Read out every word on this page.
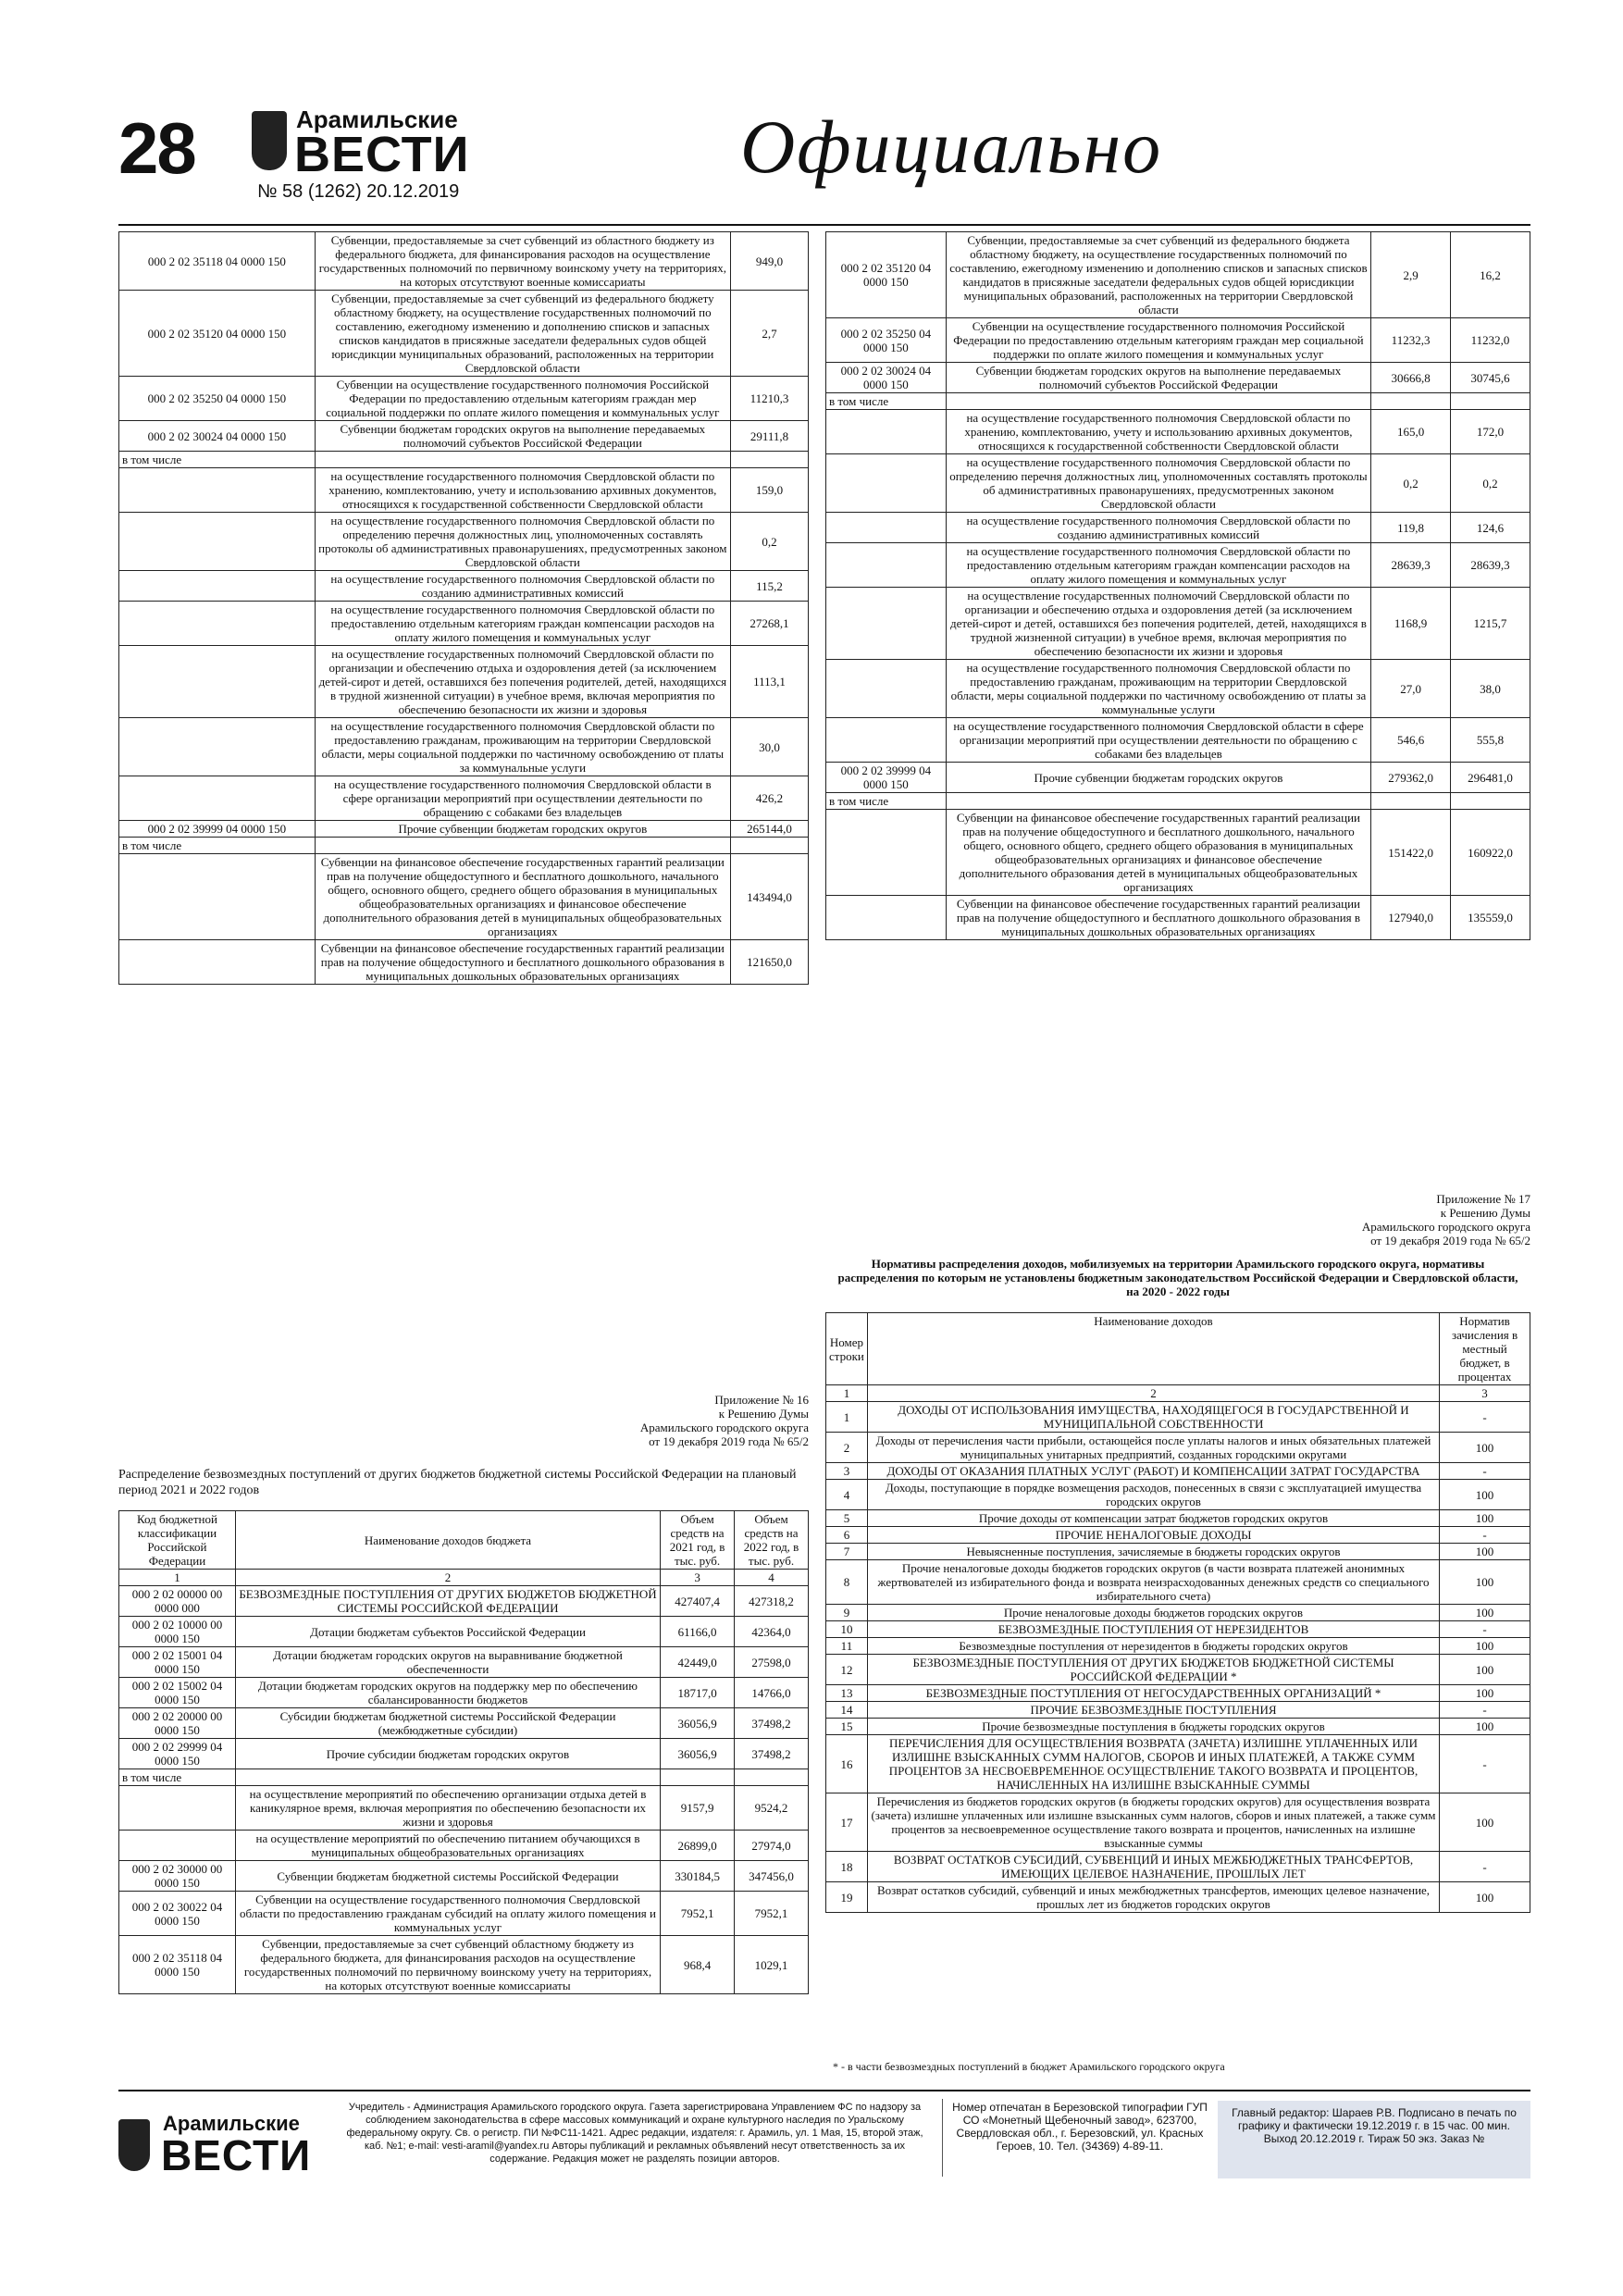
28	Арамильские
ВЕСТИ
№ 58 (1262) 20.12.2019
Официально
000 2 02 35118 04 0000 150	Субвенции, предоставляемые за счет субвенций из областного бюджету из федерального бюджета, для финансирования расходов на осуществление государственных полномочий по первичному воинскому учету на территориях, на которых отсутствуют военные комиссариаты	949,0
000 2 02 35120 04 0000 150	Субвенции, предоставляемые за счет субвенций из федерального бюджету областному бюджету, на осуществление государственных полномочий по составлению, ежегодному изменению и дополнению списков и запасных списков кандидатов в присяжные заседатели федеральных судов общей юрисдикции муниципальных образований, расположенных на территории Свердловской области	2,7
000 2 02 35250 04 0000 150	Субвенции на осуществление государственного полномочия Российской Федерации по предоставлению отдельным категориям граждан мер социальной поддержки по оплате жилого помещения и коммунальных услуг	11210,3
000 2 02 30024 04 0000 150	Субвенции бюджетам городских округов на выполнение передаваемых полномочий субъектов Российской Федерации	29111,8
в том числе		
	на осуществление государственного полномочия Свердловской области по хранению, комплектованию, учету и использованию архивных документов, относящихся к государственной собственности Свердловской области	159,0
	на осуществление государственного полномочия Свердловской области по определению перечня должностных лиц, уполномоченных составлять протоколы об административных правонарушениях, предусмотренных законом Свердловской области	0,2
	на осуществление государственного полномочия Свердловской области по созданию административных комиссий	115,2
	на осуществление государственного полномочия Свердловской области по предоставлению отдельным категориям граждан компенсации расходов на оплату жилого помещения и коммунальных услуг	27268,1
	на осуществление государственных полномочий Свердловской области по организации и обеспечению отдыха и оздоровления детей (за исключением детей-сирот и детей, оставшихся без попечения родителей, детей, находящихся в трудной жизненной ситуации) в учебное время, включая мероприятия по обеспечению безопасности их жизни и здоровья	1113,1
	на осуществление государственного полномочия Свердловской области по предоставлению гражданам, проживающим на территории Свердловской области, меры социальной поддержки по частичному освобождению от платы за коммунальные услуги	30,0
	на осуществление государственного полномочия Свердловской области в сфере организации мероприятий при осуществлении деятельности по обращению с собаками без владельцев	426,2
000 2 02 39999 04 0000 150	Прочие субвенции бюджетам городских округов	265144,0
в том числе		
	Субвенции на финансовое обеспечение государственных гарантий реализации прав на получение общедоступного и бесплатного дошкольного, начального общего, основного общего, среднего общего образования в муниципальных общеобразовательных организациях и финансовое обеспечение дополнительного образования детей в муниципальных общеобразовательных организациях	143494,0
	Субвенции на финансовое обеспечение государственных гарантий реализации прав на получение общедоступного и бесплатного дошкольного образования в муниципальных дошкольных образовательных организациях	121650,0
Приложение № 16
к Решению Думы
Арамильского городского округа
от 19 декабря 2019 года № 65/2
Распределение безвозмездных поступлений от других бюджетов бюджетной системы Российской Федерации на плановый период 2021 и 2022 годов
Код бюджетной классификации Российской Федерации	Наименование доходов бюджета	Объем средств на 2021 год, в тыс. руб.	Объем средств на 2022 год, в тыс. руб.
1	2	3	4
000 2 02 00000 00 0000 000	БЕЗВОЗМЕЗДНЫЕ ПОСТУПЛЕНИЯ ОТ ДРУГИХ БЮДЖЕТОВ БЮДЖЕТНОЙ СИСТЕМЫ РОССИЙСКОЙ ФЕДЕРАЦИИ	427407,4	427318,2
000 2 02 10000 00 0000 150	Дотации бюджетам субъектов Российской Федерации	61166,0	42364,0
000 2 02 15001 04 0000 150	Дотации бюджетам городских округов на выравнивание бюджетной обеспеченности	42449,0	27598,0
000 2 02 15002 04 0000 150	Дотации бюджетам городских округов на поддержку мер по обеспечению сбалансированности бюджетов	18717,0	14766,0
000 2 02 20000 00 0000 150	Субсидии бюджетам бюджетной системы Российской Федерации (межбюджетные субсидии)	36056,9	37498,2
000 2 02 29999 04 0000 150	Прочие субсидии бюджетам городских округов	36056,9	37498,2
в том числе			
	на осуществление мероприятий по обеспечению организации отдыха детей в каникулярное время, включая мероприятия по обеспечению безопасности их жизни и здоровья	9157,9	9524,2
	на осуществление мероприятий по обеспечению питанием обучающихся в муниципальных общеобразовательных организациях	26899,0	27974,0
000 2 02 30000 00 0000 150	Субвенции бюджетам бюджетной системы Российской Федерации	330184,5	347456,0
000 2 02 30022 04 0000 150	Субвенции на осуществление государственного полномочия Свердловской области по предоставлению гражданам субсидий на оплату жилого помещения и коммунальных услуг	7952,1	7952,1
000 2 02 35118 04 0000 150	Субвенции, предоставляемые за счет субвенций областному бюджету из федерального бюджета, для финансирования расходов на осуществление государственных полномочий по первичному воинскому учету на территориях, на которых отсутствуют военные комиссариаты	968,4	1029,1
000 2 02 35120 04 0000 150	Субвенции, предоставляемые за счет субвенций из федерального бюджета областному бюджету, на осуществление государственных полномочий по составлению, ежегодному изменению и дополнению списков и запасных списков кандидатов в присяжные заседатели федеральных судов общей юрисдикции муниципальных образований, расположенных на территории Свердловской области	2,9	16,2
000 2 02 35250 04 0000 150	Субвенции на осуществление государственного полномочия Российской Федерации по предоставлению отдельным категориям граждан мер социальной поддержки по оплате жилого помещения и коммунальных услуг	11232,3	11232,0
000 2 02 30024 04 0000 150	Субвенции бюджетам городских округов на выполнение передаваемых полномочий субъектов Российской Федерации	30666,8	30745,6
в том числе			
	на осуществление государственного полномочия Свердловской области по хранению, комплектованию, учету и использованию архивных документов, относящихся к государственной собственности Свердловской области	165,0	172,0
	на осуществление государственного полномочия Свердловской области по определению перечня должностных лиц, уполномоченных составлять протоколы об административных правонарушениях, предусмотренных законом Свердловской области	0,2	0,2
	на осуществление государственного полномочия Свердловской области по созданию административных комиссий	119,8	124,6
	на осуществление государственного полномочия Свердловской области по предоставлению отдельным категориям граждан компенсации расходов на оплату жилого помещения и коммунальных услуг	28639,3	28639,3
	на осуществление государственных полномочий Свердловской области по организации и обеспечению отдыха и оздоровления детей (за исключением детей-сирот и детей, оставшихся без попечения родителей, детей, находящихся в трудной жизненной ситуации) в учебное время, включая мероприятия по обеспечению безопасности их жизни и здоровья	1168,9	1215,7
	на осуществление государственного полномочия Свердловской области по предоставлению гражданам, проживающим на территории Свердловской области, меры социальной поддержки по частичному освобождению от платы за коммунальные услуги	27,0	38,0
	на осуществление государственного полномочия Свердловской области в сфере организации мероприятий при осуществлении деятельности по обращению с собаками без владельцев	546,6	555,8
000 2 02 39999 04 0000 150	Прочие субвенции бюджетам городских округов	279362,0	296481,0
в том числе			
	Субвенции на финансовое обеспечение государственных гарантий реализации прав на получение общедоступного и бесплатного дошкольного, начального общего, основного общего, среднего общего образования в муниципальных общеобразовательных организациях и финансовое обеспечение дополнительного образования детей в муниципальных общеобразовательных организациях	151422,0	160922,0
	Субвенции на финансовое обеспечение государственных гарантий реализации прав на получение общедоступного и бесплатного дошкольного образования в муниципальных дошкольных образовательных организациях	127940,0	135559,0
Приложение № 17
к Решению Думы
Арамильского городского округа
от 19 декабря 2019 года № 65/2
Нормативы распределения доходов, мобилизуемых на территории Арамильского городского округа, нормативы распределения по которым не установлены бюджетным законодательством Российской Федерации и Свердловской области, на 2020 - 2022 годы
Номер строки	Наименование доходов	Норматив зачисления в местный бюджет, в процентах
1	2	3
1	ДОХОДЫ ОТ ИСПОЛЬЗОВАНИЯ ИМУЩЕСТВА, НАХОДЯЩЕГОСЯ В ГОСУДАРСТВЕННОЙ И МУНИЦИПАЛЬНОЙ СОБСТВЕННОСТИ	-
2	Доходы от перечисления части прибыли, остающейся после уплаты налогов и иных обязательных платежей муниципальных унитарных предприятий, созданных городскими округами	100
3	ДОХОДЫ ОТ ОКАЗАНИЯ ПЛАТНЫХ УСЛУГ (РАБОТ) И КОМПЕНСАЦИИ ЗАТРАТ ГОСУДАРСТВА	-
4	Доходы, поступающие в порядке возмещения расходов, понесенных в связи с эксплуатацией имущества городских округов	100
5	Прочие доходы от компенсации затрат бюджетов городских округов	100
6	ПРОЧИЕ НЕНАЛОГОВЫЕ ДОХОДЫ	-
7	Невыясненные поступления, зачисляемые в бюджеты городских округов	100
8	Прочие неналоговые доходы бюджетов городских округов (в части возврата платежей анонимных жертвователей из избирательного фонда и возврата неизрасходованных денежных средств со специального избирательного счета)	100
9	Прочие неналоговые доходы бюджетов городских округов	100
10	БЕЗВОЗМЕЗДНЫЕ ПОСТУПЛЕНИЯ ОТ НЕРЕЗИДЕНТОВ	-
11	Безвозмездные поступления от нерезидентов в бюджеты городских округов	100
12	БЕЗВОЗМЕЗДНЫЕ ПОСТУПЛЕНИЯ ОТ ДРУГИХ БЮДЖЕТОВ БЮДЖЕТНОЙ СИСТЕМЫ РОССИЙСКОЙ ФЕДЕРАЦИИ *	100
13	БЕЗВОЗМЕЗДНЫЕ ПОСТУПЛЕНИЯ ОТ НЕГОСУДАРСТВЕННЫХ ОРГАНИЗАЦИЙ *	100
14	ПРОЧИЕ БЕЗВОЗМЕЗДНЫЕ ПОСТУПЛЕНИЯ	-
15	Прочие безвозмездные поступления в бюджеты городских округов	100
16	ПЕРЕЧИСЛЕНИЯ ДЛЯ ОСУЩЕСТВЛЕНИЯ ВОЗВРАТА (ЗАЧЕТА) ИЗЛИШНЕ УПЛАЧЕННЫХ ИЛИ ИЗЛИШНЕ ВЗЫСКАННЫХ СУММ НАЛОГОВ, СБОРОВ И ИНЫХ ПЛАТЕЖЕЙ, А ТАКЖЕ СУММ ПРОЦЕНТОВ ЗА НЕСВОЕВРЕМЕННОЕ ОСУЩЕСТВЛЕНИЕ ТАКОГО ВОЗВРАТА И ПРОЦЕНТОВ, НАЧИСЛЕННЫХ НА ИЗЛИШНЕ ВЗЫСКАННЫЕ СУММЫ	-
17	Перечисления из бюджетов городских округов (в бюджеты городских округов) для осуществления возврата (зачета) излишне уплаченных или излишне взысканных сумм налогов, сборов и иных платежей, а также сумм процентов за несвоевременное осуществление такого возврата и процентов, начисленных на излишне взысканные суммы	100
18	ВОЗВРАТ ОСТАТКОВ СУБСИДИЙ, СУБВЕНЦИЙ И ИНЫХ МЕЖБЮДЖЕТНЫХ ТРАНСФЕРТОВ, ИМЕЮЩИХ ЦЕЛЕВОЕ НАЗНАЧЕНИЕ, ПРОШЛЫХ ЛЕТ	-
19	Возврат остатков субсидий, субвенций и иных межбюджетных трансфертов, имеющих целевое назначение, прошлых лет из бюджетов городских округов	100
* - в части безвозмездных поступлений в бюджет Арамильского городского округа
Арамильские
ВЕСТИ
Учредитель - Администрация Арамильского городского округа. Газета зарегистрирована Управлением ФС по надзору за соблюдением законодательства в сфере массовых коммуникаций и охране культурного наследия по Уральскому федеральному округу. Св. о регистр. ПИ №ФС11-1421. Адрес редакции, издателя: г. Арамиль, ул. 1 Мая, 15, второй этаж, каб. №1; e-mail: vesti-aramil@yandex.ru Авторы публикаций и рекламных объявлений несут ответственность за их содержание. Редакция может не разделять позиции авторов.
Номер отпечатан в Березовской типографии ГУП СО «Монетный Щебеночный завод», 623700, Свердловская обл., г. Березовский, ул. Красных Героев, 10. Тел. (34369) 4-89-11.
Главный редактор: Шараев Р.В. Подписано в печать по графику и фактически 19.12.2019 г. в 15 час. 00 мин. Выход 20.12.2019 г. Тираж 50 экз. Заказ №
